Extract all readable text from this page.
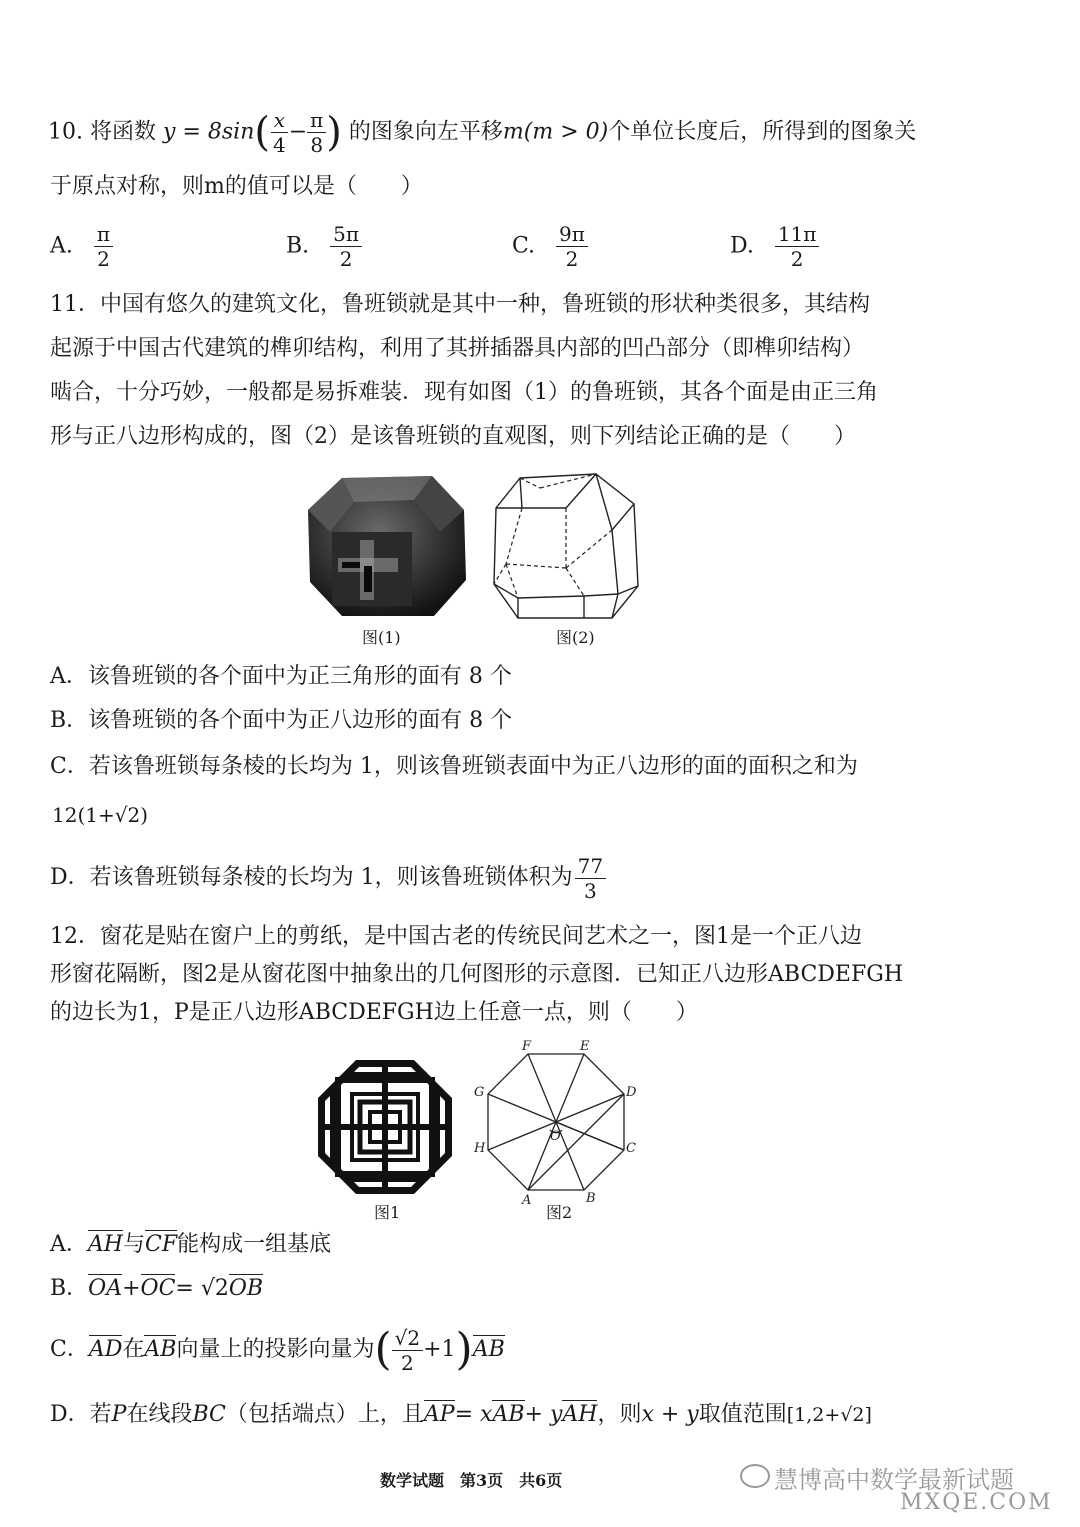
10. 将函数 $y = 8\sin( \frac{x}{4} - \frac{\pi}{8}$ ) 的图象向左平移m(m > 0)个单位长度后，所得到的图象关
于原点对称，则m的值可以是（　　）
A. $\frac{\pi}{2}$	B. $\frac{5\pi}{2}$	C. $\frac{9\pi}{2}$	D. $\frac{11\pi}{2}$
11．中国有悠久的建筑文化，鲁班锁就是其中一种，鲁班锁的形状种类很多，其结构
起源于中国古代建筑的榫卯结构，利用了其拼插器具内部的凹凸部分（即榫卯结构）
啮合，十分巧妙，一般都是易拆难装．现有如图（1）的鲁班锁，其各个面是由正三角
形与正八边形构成的，图（2）是该鲁班锁的直观图，则下列结论正确的是（　　）
图(1)	图(2)
A．该鲁班锁的各个面中为正三角形的面有 8 个
B．该鲁班锁的各个面中为正八边形的面有 8 个
C．若该鲁班锁每条棱的长均为 1，则该鲁班锁表面中为正八边形的面的面积之和为
12(1+√2)
D．若该鲁班锁每条棱的长均为 1，则该鲁班锁体积为 $\frac{77}{3}$
12．窗花是贴在窗户上的剪纸，是中国古老的传统民间艺术之一，图1是一个正八边
形窗花隔断，图2是从窗花图中抽象出的几何图形的示意图．已知正八边形ABCDEFGH
的边长为1，P是正八边形ABCDEFGH边上任意一点，则（　　）
图1
A	B
C
D
E
F
G
H
O
图2
A．AH与CF能构成一组基底
B．OA+OC= √2OB
C．AD在AB向量上的投影向量为( $\frac{√2}{2} +1)AB$
D．若P在线段BC（包括端点）上，且AP= xAB+ yAH，则x + y取值范围[1,2+√2]
数学试题　第3页　共6页	慧博高中数学最新试题
MXQE.COM
